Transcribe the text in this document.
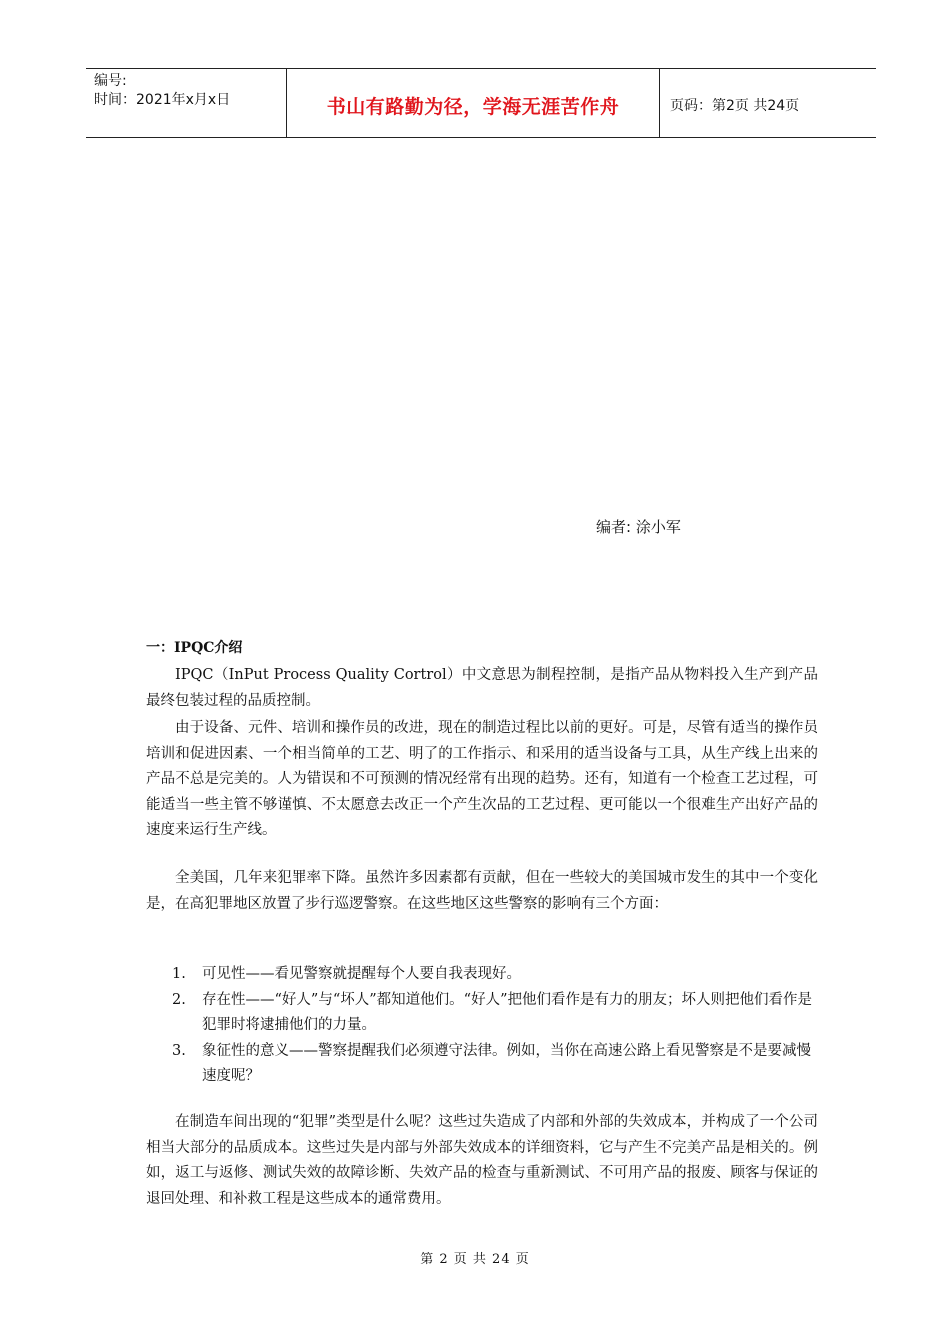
编号:
时间：2021年x月x日	书山有路勤为径，学海无涯苦作舟	页码：第2页 共24页
编者: 涂小军
一：IPQC介绍

IPQC（InPut Process Quality Cortrol）中文意思为制程控制，是指产品从物料投入生产到产品最终包装过程的品质控制。

由于设备、元件、培训和操作员的改进，现在的制造过程比以前的更好。可是，尽管有适当的操作员培训和促进因素、一个相当简单的工艺、明了的工作指示、和采用的适当设备与工具，从生产线上出来的产品不总是完美的。人为错误和不可预测的情况经常有出现的趋势。还有，知道有一个检查工艺过程，可能适当一些主管不够谨慎、不太愿意去改正一个产生次品的工艺过程、更可能以一个很难生产出好产品的速度来运行生产线。

全美国，几年来犯罪率下降。虽然许多因素都有贡献，但在一些较大的美国城市发生的其中一个变化是，在高犯罪地区放置了步行巡逻警察。在这些地区这些警察的影响有三个方面：

1. 可见性——看见警察就提醒每个人要自我表现好。
2. 存在性——“好人”与“坏人”都知道他们。“好人”把他们看作是有力的朋友；坏人则把他们看作是犯罪时将逮捕他们的力量。
3. 象征性的意义——警察提醒我们必须遵守法律。例如，当你在高速公路上看见警察是不是要减慢速度呢？

在制造车间出现的“犯罪”类型是什么呢？这些过失造成了内部和外部的失效成本，并构成了一个公司相当大部分的品质成本。这些过失是内部与外部失效成本的详细资料，它与产生不完美产品是相关的。例如，返工与返修、测试失效的故障诊断、失效产品的检查与重新测试、不可用产品的报废、顾客与保证的退回处理、和补救工程是这些成本的通常费用。

第 2 页 共 24 页
